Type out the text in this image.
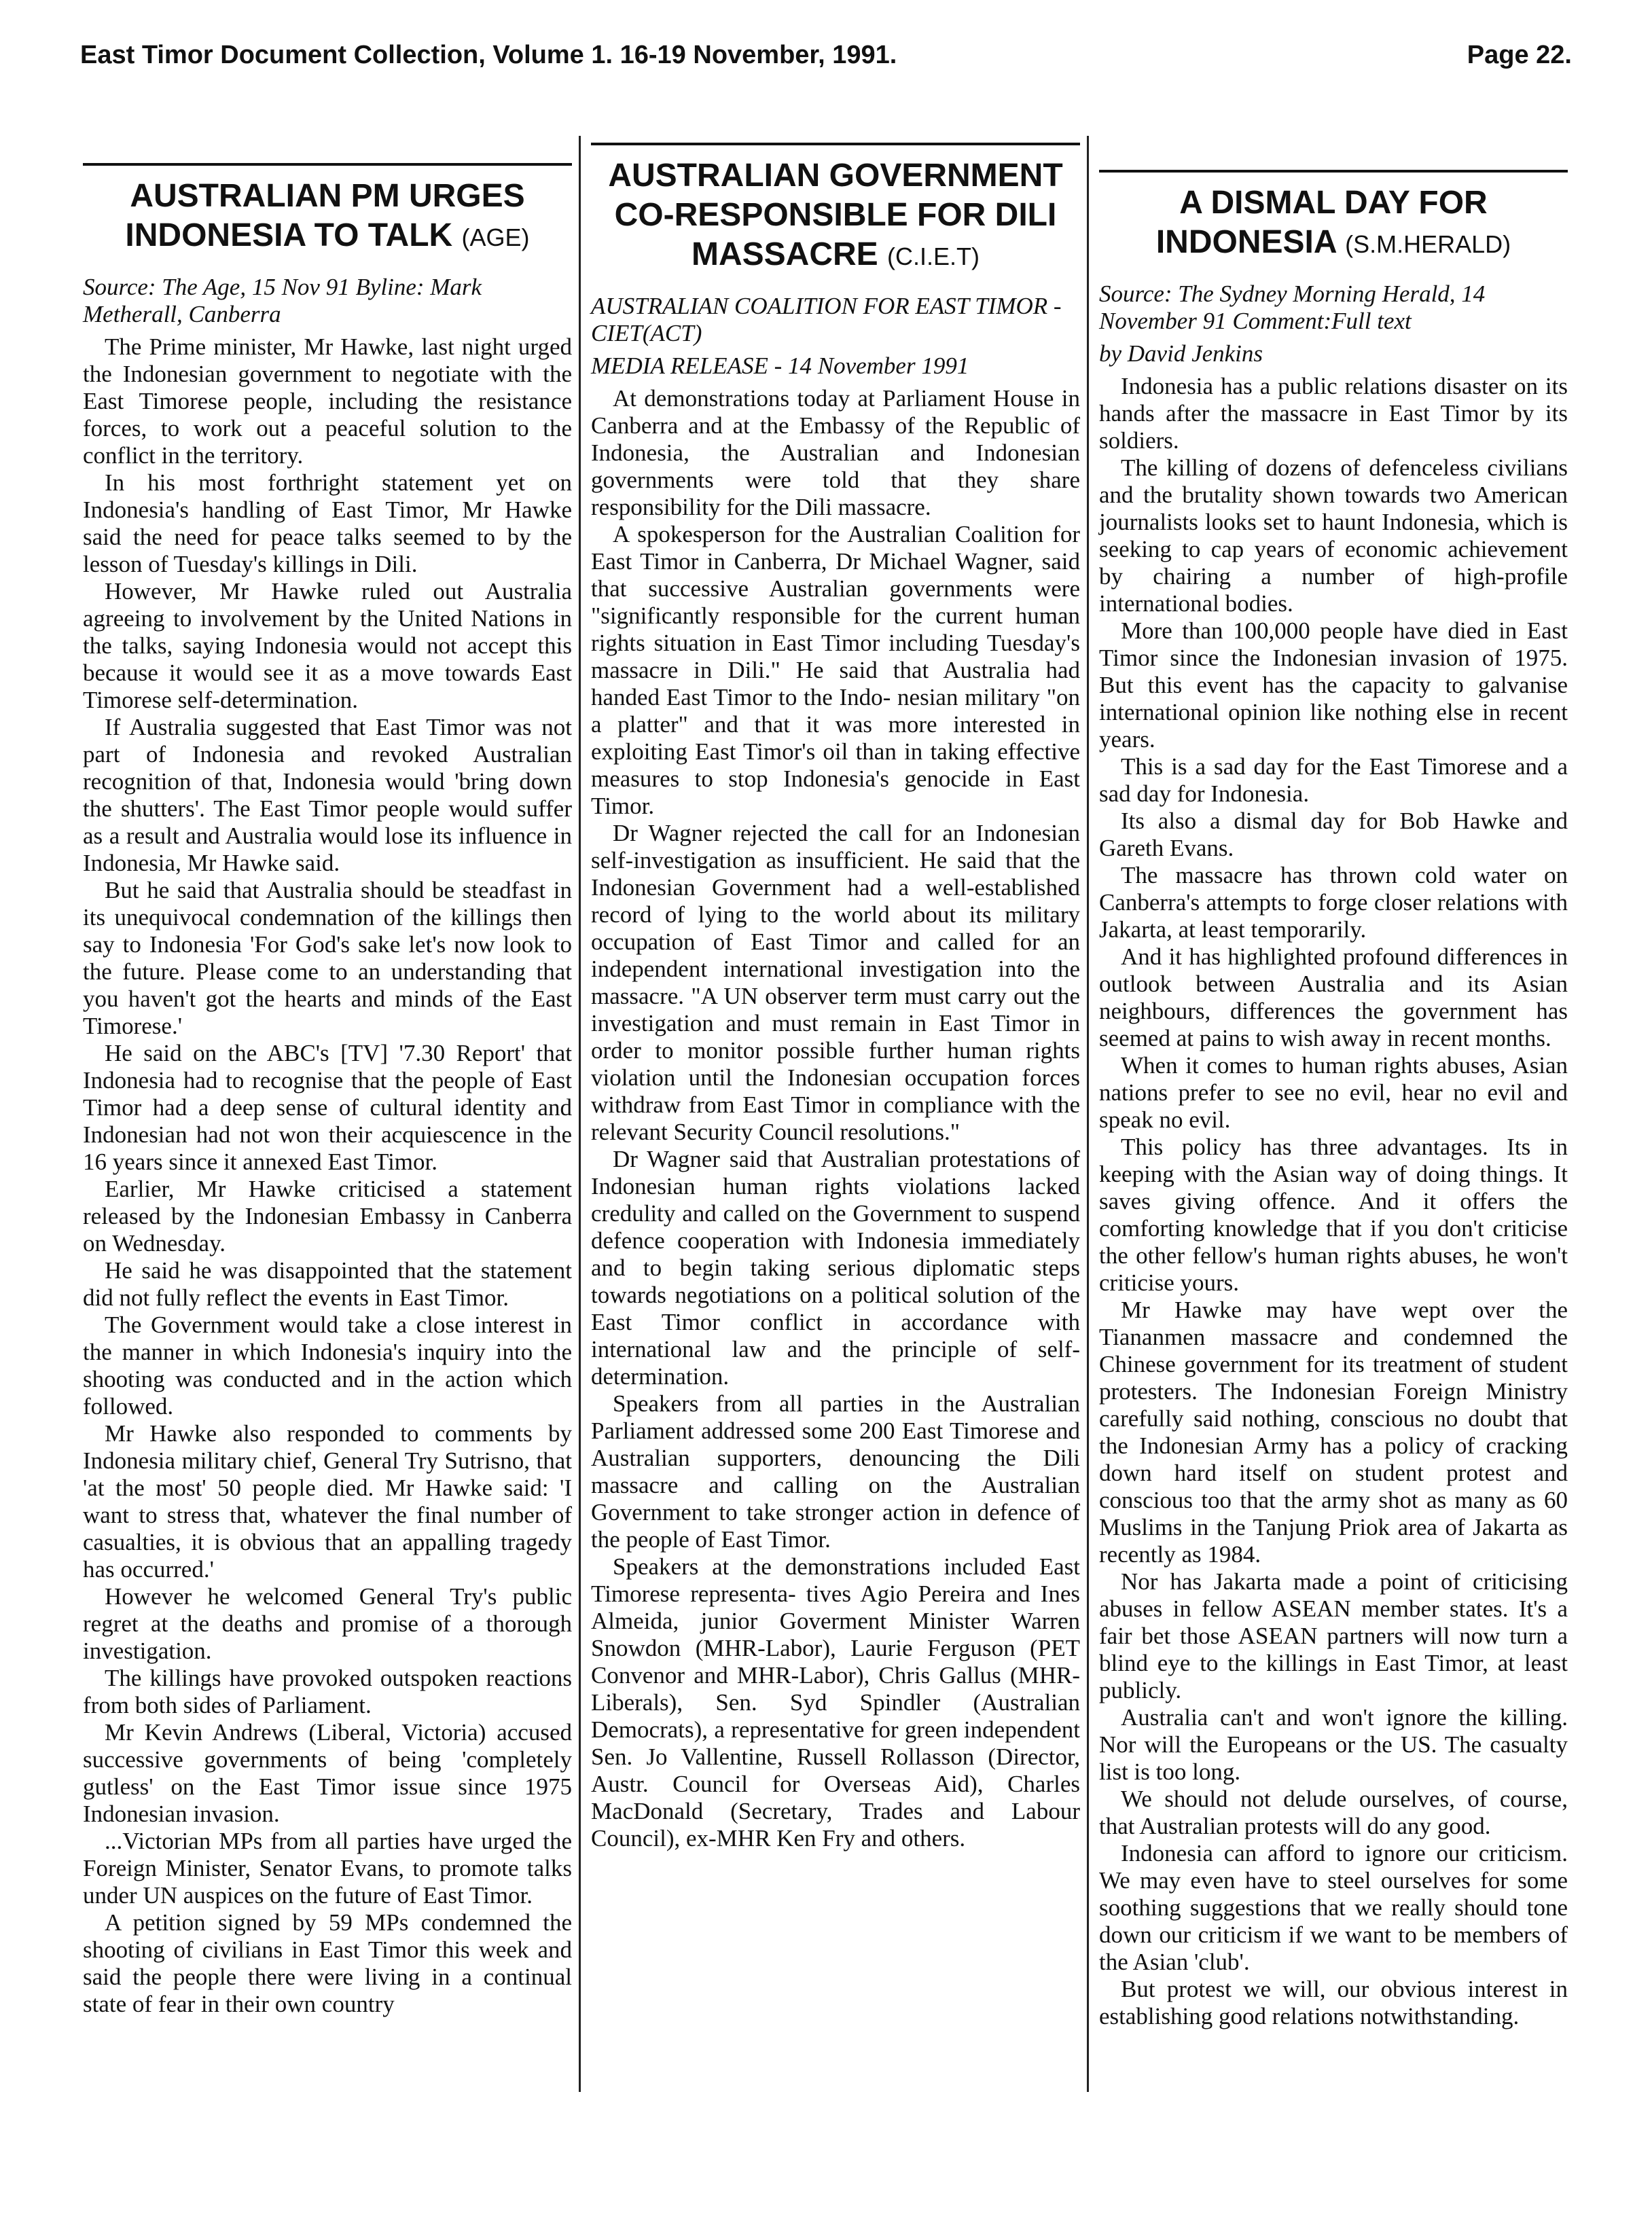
East Timor Document Collection, Volume 1. 16-19 November, 1991.	Page 22.
AUSTRALIAN PM URGES INDONESIA TO TALK (AGE)
Source: The Age, 15 Nov 91 Byline: Mark Metherall, Canberra

The Prime minister, Mr Hawke, last night urged the Indonesian government to negotiate with the East Timorese people, including the resistance forces, to work out a peaceful solution to the conflict in the territory.

In his most forthright statement yet on Indonesia's handling of East Timor, Mr Hawke said the need for peace talks seemed to by the lesson of Tuesday's killings in Dili.

However, Mr Hawke ruled out Australia agreeing to involvement by the United Nations in the talks, saying Indonesia would not accept this because it would see it as a move towards East Timorese self-determination.

If Australia suggested that East Timor was not part of Indonesia and revoked Australian recognition of that, Indonesia would 'bring down the shutters'. The East Timor people would suffer as a result and Australia would lose its influence in Indonesia, Mr Hawke said.

But he said that Australia should be steadfast in its unequivocal condemnation of the killings then say to Indonesia 'For God's sake let's now look to the future. Please come to an understanding that you haven't got the hearts and minds of the East Timorese.'

He said on the ABC's [TV] '7.30 Report' that Indonesia had to recognise that the people of East Timor had a deep sense of cultural identity and Indonesian had not won their acquiescence in the 16 years since it annexed East Timor.

Earlier, Mr Hawke criticised a statement released by the Indonesian Embassy in Canberra on Wednesday.

He said he was disappointed that the statement did not fully reflect the events in East Timor.

The Government would take a close interest in the manner in which Indonesia's inquiry into the shooting was conducted and in the action which followed.

Mr Hawke also responded to comments by Indonesia military chief, General Try Sutrisno, that 'at the most' 50 people died. Mr Hawke said: 'I want to stress that, whatever the final number of casualties, it is obvious that an appalling tragedy has occurred.'

However he welcomed General Try's public regret at the deaths and promise of a thorough investigation.

The killings have provoked outspoken reactions from both sides of Parliament.

Mr Kevin Andrews (Liberal, Victoria) accused successive governments of being 'completely gutless' on the East Timor issue since 1975 Indonesian invasion.

...Victorian MPs from all parties have urged the Foreign Minister, Senator Evans, to promote talks under UN auspices on the future of East Timor.

A petition signed by 59 MPs condemned the shooting of civilians in East Timor this week and said the people there were living in a continual state of fear in their own country

AUSTRALIAN GOVERNMENT CO-RESPONSIBLE FOR DILI MASSACRE (C.I.E.T)
AUSTRALIAN COALITION FOR EAST TIMOR - CIET(ACT)
MEDIA RELEASE - 14 November 1991

At demonstrations today at Parliament House in Canberra and at the Embassy of the Republic of Indonesia, the Australian and Indonesian governments were told that they share responsibility for the Dili massacre.

A spokesperson for the Australian Coalition for East Timor in Canberra, Dr Michael Wagner, said that successive Australian governments were "significantly responsible for the current human rights situation in East Timor including Tuesday's massacre in Dili." He said that Australia had handed East Timor to the Indo- nesian military "on a platter" and that it was more interested in exploiting East Timor's oil than in taking effective measures to stop Indonesia's genocide in East Timor.

Dr Wagner rejected the call for an Indonesian self-investigation as insufficient. He said that the Indonesian Government had a well-established record of lying to the world about its military occupation of East Timor and called for an independent international investigation into the massacre. "A UN observer term must carry out the investigation and must remain in East Timor in order to monitor possible further human rights violation until the Indonesian occupation forces withdraw from East Timor in compliance with the relevant Security Council resolutions."

Dr Wagner said that Australian protestations of Indonesian human rights violations lacked credulity and called on the Government to suspend defence cooperation with Indonesia immediately and to begin taking serious diplomatic steps towards negotiations on a political solution of the East Timor conflict in accordance with international law and the principle of self-determination.

Speakers from all parties in the Australian Parliament addressed some 200 East Timorese and Australian supporters, denouncing the Dili massacre and calling on the Australian Government to take stronger action in defence of the people of East Timor.

Speakers at the demonstrations included East Timorese representa- tives Agio Pereira and Ines Almeida, junior Goverment Minister Warren Snowdon (MHR-Labor), Laurie Ferguson (PET Convenor and MHR-Labor), Chris Gallus (MHR-Liberals), Sen. Syd Spindler (Australian Democrats), a representative for green independent Sen. Jo Vallentine, Russell Rollasson (Director, Austr. Council for Overseas Aid), Charles MacDonald (Secretary, Trades and Labour Council), ex-MHR Ken Fry and others.

A DISMAL DAY FOR INDONESIA (S.M.HERALD)
Source: The Sydney Morning Herald, 14 November 91 Comment:Full text
by David Jenkins

Indonesia has a public relations disaster on its hands after the massacre in East Timor by its soldiers.

The killing of dozens of defenceless civilians and the brutality shown towards two American journalists looks set to haunt Indonesia, which is seeking to cap years of economic achievement by chairing a number of high-profile international bodies.

More than 100,000 people have died in East Timor since the Indonesian invasion of 1975. But this event has the capacity to galvanise international opinion like nothing else in recent years.

This is a sad day for the East Timorese and a sad day for Indonesia.

Its also a dismal day for Bob Hawke and Gareth Evans.

The massacre has thrown cold water on Canberra's attempts to forge closer relations with Jakarta, at least temporarily.

And it has highlighted profound differences in outlook between Australia and its Asian neighbours, differences the government has seemed at pains to wish away in recent months.

When it comes to human rights abuses, Asian nations prefer to see no evil, hear no evil and speak no evil.

This policy has three advantages. Its in keeping with the Asian way of doing things. It saves giving offence. And it offers the comforting knowledge that if you don't criticise the other fellow's human rights abuses, he won't criticise yours.

Mr Hawke may have wept over the Tiananmen massacre and condemned the Chinese government for its treatment of student protesters. The Indonesian Foreign Ministry carefully said nothing, conscious no doubt that the Indonesian Army has a policy of cracking down hard itself on student protest and conscious too that the army shot as many as 60 Muslims in the Tanjung Priok area of Jakarta as recently as 1984.

Nor has Jakarta made a point of criticising abuses in fellow ASEAN member states. It's a fair bet those ASEAN partners will now turn a blind eye to the killings in East Timor, at least publicly.

Australia can't and won't ignore the killing. Nor will the Europeans or the US. The casualty list is too long.

We should not delude ourselves, of course, that Australian protests will do any good.

Indonesia can afford to ignore our criticism. We may even have to steel ourselves for some soothing suggestions that we really should tone down our criticism if we want to be members of the Asian 'club'.

But protest we will, our obvious interest in establishing good relations notwithstanding.
